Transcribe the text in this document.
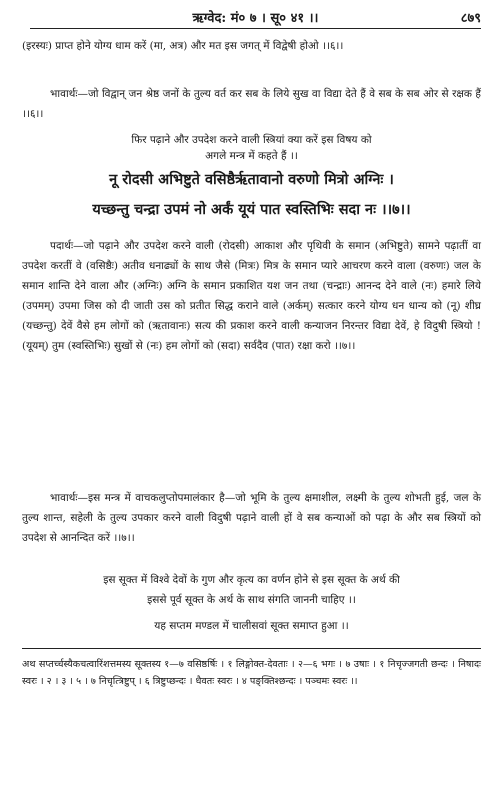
ऋग्वेद: मं० ७ । सू० ४१ ।।	८७९

(इरस्यः) प्राप्त होने योग्य धाम करें (मा, अत्र) और मत इस जगत् में विद्वेषी होओ ।।६।।

भावार्थः—जो विद्वान् जन श्रेष्ठ जनों के तुल्य वर्त कर सब के लिये सुख वा विद्या देते हैं वे सब के सब ओर से रक्षक हैं ।।६।।

फिर पढ़ाने और उपदेश करने वाली स्त्रियां क्या करें इस विषय को

अगले मन्त्र में कहते हैं ।।

नू रोदसी अभिष्टुते वसिष्ठैर्ऋतावानो वरुणो मित्रो अग्निः ।

यच्छन्तु चन्द्रा उपमं नो अर्कं यूयं पात स्वस्तिभिः सदा नः ।।७।।

पदार्थः—जो पढ़ाने और उपदेश करने वाली (रोदसी) आकाश और पृथिवी के समान (अभिष्टुते) सामने पढ़ातीं वा उपदेश करतीं वे (वसिष्ठैः) अतीव धनाढ्यों के साथ जैसे (मित्रः) मित्र के समान प्यारे आचरण करने वाला (वरुणः) जल के समान शान्ति देने वाला और (अग्निः) अग्नि के समान प्रकाशित यश जन तथा (चन्द्राः) आनन्द देने वाले (नः) हमारे लिये (उपमम्) उपमा जिस को दी जाती उस को प्रतीत सिद्ध कराने वाले (अर्कम्) सत्कार करने योग्य धन धान्य को (नू) शीघ्र (यच्छन्तु) देवें वैसे हम लोगों को (ऋतावानः) सत्य की प्रकाश करने वाली कन्याजन निरन्तर विद्या देवें, हे विदुषी स्त्रियो ! (यूयम्) तुम (स्वस्तिभिः) सुखों से (नः) हम लोगों को (सदा) सर्वदैव (पात) रक्षा करो ।।७।।

भावार्थः—इस मन्त्र में वाचकलुप्तोपमालंकार है—जो भूमि के तुल्य क्षमाशील, लक्ष्मी के तुल्य शोभती हुई, जल के तुल्य शान्त, सहेली के तुल्य उपकार करने वाली विदुषी पढ़ाने वाली हों वे सब कन्याओं को पढ़ा के और सब स्त्रियों को उपदेश से आनन्दित करें ।।७।।

इस सूक्त में विश्वे देवों के गुण और कृत्य का वर्णन होने से इस सूक्त के अर्थ की

इससे पूर्व सूक्त के अर्थ के साथ संगति जाननी चाहिए ।।

यह सप्तम मण्डल में चालीसवां सूक्त समाप्त हुआ ।।

अथ सप्तर्च्चस्यैकचत्वारिंशत्तमस्य सूक्तस्य १—७ वसिष्ठर्षिः । १ लिङ्गोक्त-देवताः । २—६ भगः । ७ उषाः । १ निचृज्जगती छन्दः । निषादः स्वरः । २ । ३ । ५ । ७ निचृत्त्रिष्टुप् । ६ त्रिष्टुप्छन्दः । धैवतः स्वरः । ४ पङ्क्तिश्छन्दः । पञ्चमः स्वरः ।।
